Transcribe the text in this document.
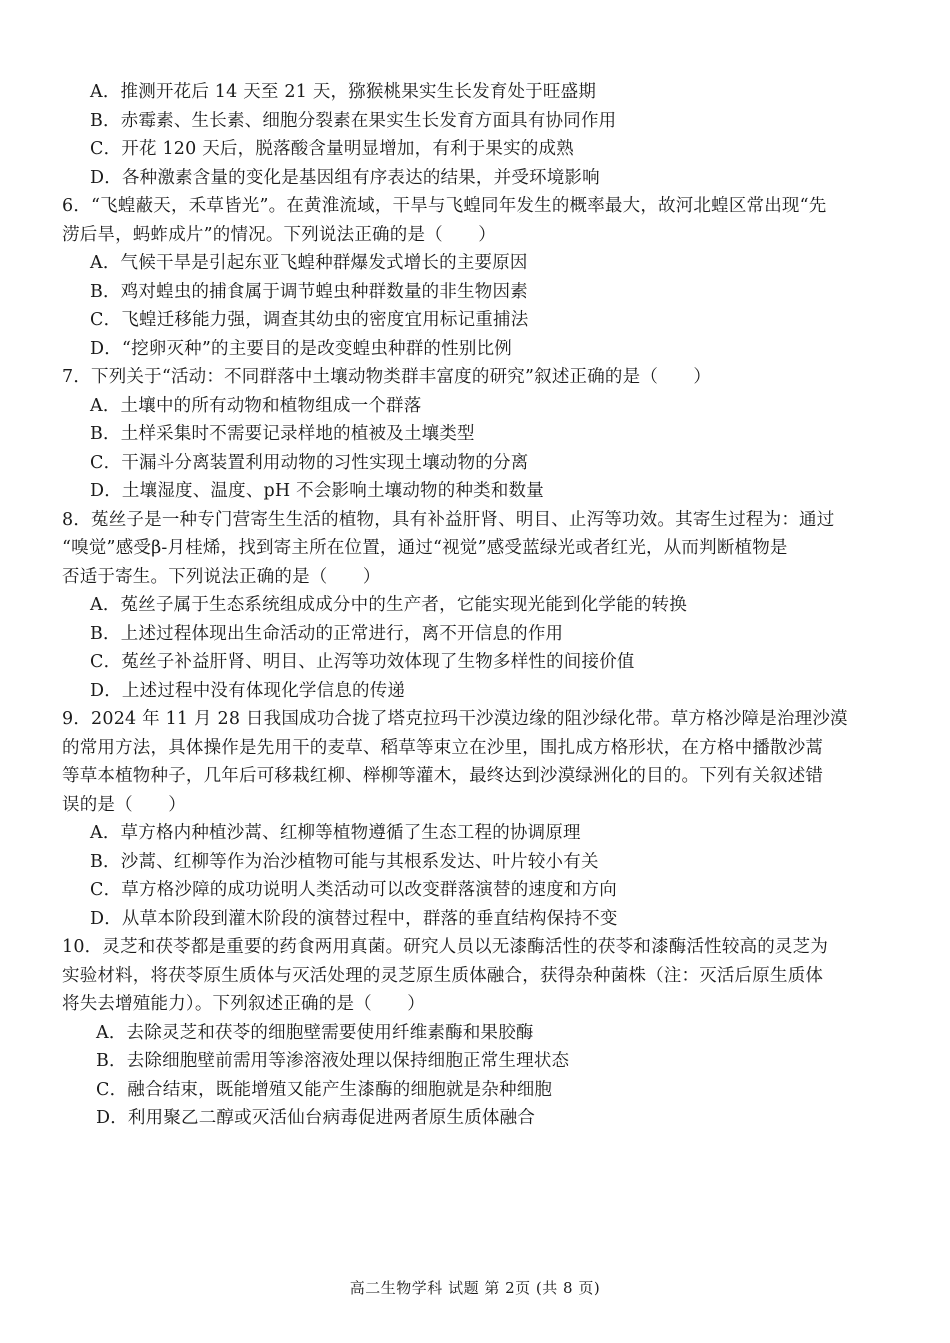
A．推测开花后 14 天至 21 天，猕猴桃果实生长发育处于旺盛期
B．赤霉素、生长素、细胞分裂素在果实生长发育方面具有协同作用
C．开花 120 天后，脱落酸含量明显增加，有利于果实的成熟
D．各种激素含量的变化是基因组有序表达的结果，并受环境影响
6．“飞蝗蔽天，禾草皆光”。在黄淮流域，干旱与飞蝗同年发生的概率最大，故河北蝗区常出现“先
涝后旱，蚂蚱成片”的情况。下列说法正确的是（　　）
A．气候干旱是引起东亚飞蝗种群爆发式增长的主要原因
B．鸡对蝗虫的捕食属于调节蝗虫种群数量的非生物因素
C．飞蝗迁移能力强，调查其幼虫的密度宜用标记重捕法
D．“挖卵灭种”的主要目的是改变蝗虫种群的性别比例
7．下列关于“活动：不同群落中土壤动物类群丰富度的研究”叙述正确的是（　　）
A．土壤中的所有动物和植物组成一个群落
B．土样采集时不需要记录样地的植被及土壤类型
C．干漏斗分离装置利用动物的习性实现土壤动物的分离
D．土壤湿度、温度、pH 不会影响土壤动物的种类和数量
8．菟丝子是一种专门营寄生生活的植物，具有补益肝肾、明目、止泻等功效。其寄生过程为：通过
“嗅觉”感受β-月桂烯，找到寄主所在位置，通过“视觉”感受蓝绿光或者红光，从而判断植物是
否适于寄生。下列说法正确的是（　　）
A．菟丝子属于生态系统组成成分中的生产者，它能实现光能到化学能的转换
B．上述过程体现出生命活动的正常进行，离不开信息的作用
C．菟丝子补益肝肾、明目、止泻等功效体现了生物多样性的间接价值
D．上述过程中没有体现化学信息的传递
9．2024 年 11 月 28 日我国成功合拢了塔克拉玛干沙漠边缘的阻沙绿化带。草方格沙障是治理沙漠
的常用方法，具体操作是先用干的麦草、稻草等束立在沙里，围扎成方格形状，在方格中播散沙蒿
等草本植物种子，几年后可移栽红柳、榉柳等灌木，最终达到沙漠绿洲化的目的。下列有关叙述错
误的是（　　）
A．草方格内种植沙蒿、红柳等植物遵循了生态工程的协调原理
B．沙蒿、红柳等作为治沙植物可能与其根系发达、叶片较小有关
C．草方格沙障的成功说明人类活动可以改变群落演替的速度和方向
D．从草本阶段到灌木阶段的演替过程中，群落的垂直结构保持不变
10．灵芝和茯苓都是重要的药食两用真菌。研究人员以无漆酶活性的茯苓和漆酶活性较高的灵芝为
实验材料，将茯苓原生质体与灭活处理的灵芝原生质体融合，获得杂种菌株（注：灭活后原生质体
将失去增殖能力）。下列叙述正确的是（　　）
A．去除灵芝和茯苓的细胞壁需要使用纤维素酶和果胶酶
B．去除细胞壁前需用等渗溶液处理以保持细胞正常生理状态
C．融合结束，既能增殖又能产生漆酶的细胞就是杂种细胞
D．利用聚乙二醇或灭活仙台病毒促进两者原生质体融合
高二生物学科 试题 第 2页 (共 8 页)
